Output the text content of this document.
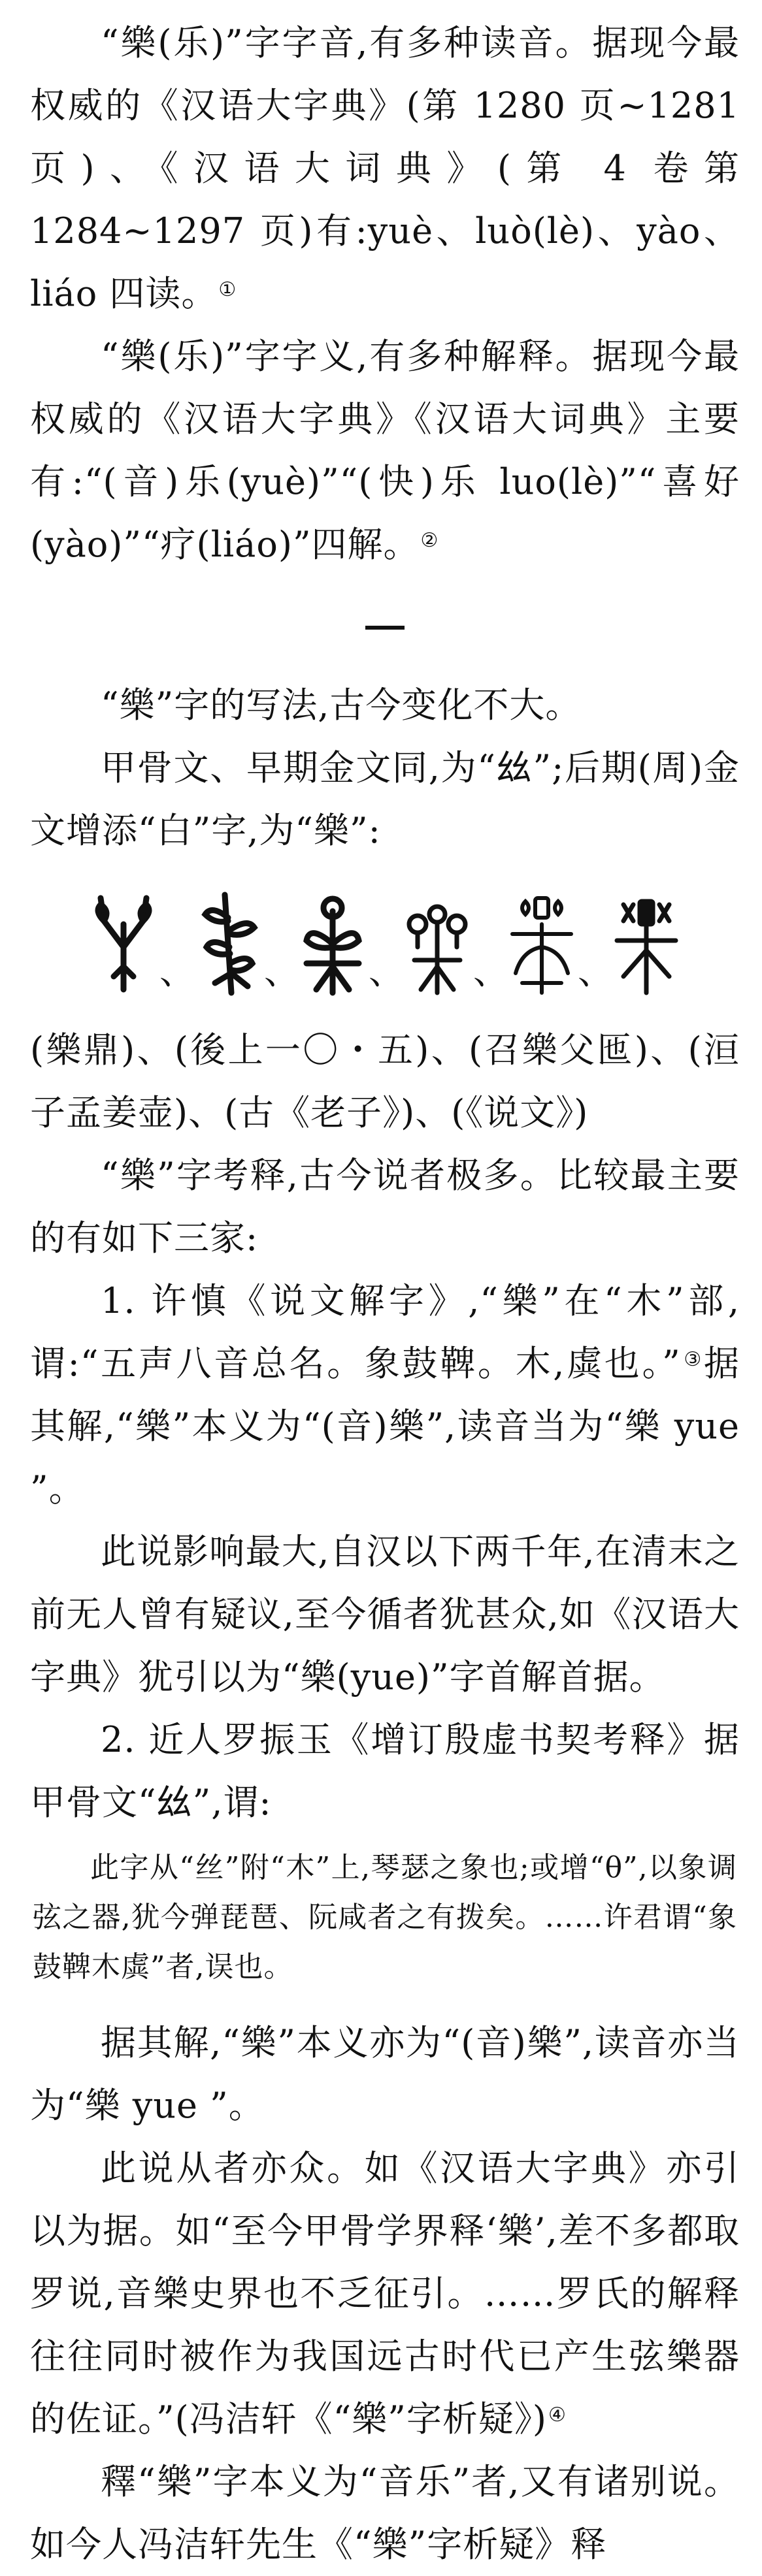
“樂(乐)”字字音,有多种读音。据现今最权威的《汉语大字典》(第 1280 页~1281 页)、《汉语大词典》(第 4 卷第 1284~1297 页)有:yuè、luò(lè)、yào、liáo 四读。①

“樂(乐)”字字义,有多种解释。据现今最权威的《汉语大字典》《汉语大词典》主要有:“(音)乐(yuè)”“(快)乐 luo(lè)”“喜好(yào)”“疗(liáo)”四解。②

“樂”字的写法,古今变化不大。

甲骨文、早期金文同,为“𢆶”;后期(周)金文增添“白”字,为“樂”:

、 、 、 、 、

(樂鼎)、(後上一〇・五)、(召樂父匜)、(洹子孟姜壶)、(古《老子》)、(《说文》)

“樂”字考释,古今说者极多。比较最主要的有如下三家:

1. 许慎《说文解字》,“樂”在“木”部,谓:“五声八音总名。象鼓鞞。木,虡也。”③据其解,“樂”本义为“(音)樂”,读音当为“樂 yue ”。

此说影响最大,自汉以下两千年,在清末之前无人曾有疑议,至今循者犹甚众,如《汉语大字典》犹引以为“樂(yue)”字首解首据。

2. 近人罗振玉《增订殷虚书契考释》据甲骨文“𢆶”,谓:

此字从“丝”附“木”上,琴瑟之象也;或增“θ”,以象调弦之器,犹今弹琵琶、阮咸者之有拨矣。……许君谓“象鼓鞞木虡”者,误也。

据其解,“樂”本义亦为“(音)樂”,读音亦当为“樂 yue ”。

此说从者亦众。如《汉语大字典》亦引以为据。如“至今甲骨学界释‘樂’,差不多都取罗说,音樂史界也不乏征引。……罗氏的解释往往同时被作为我国远古时代已产生弦樂器的佐证。”(冯洁轩《“樂”字析疑》)④

釋“樂”字本义为“音乐”者,又有诸别说。如今人冯洁轩先生《“樂”字析疑》释
